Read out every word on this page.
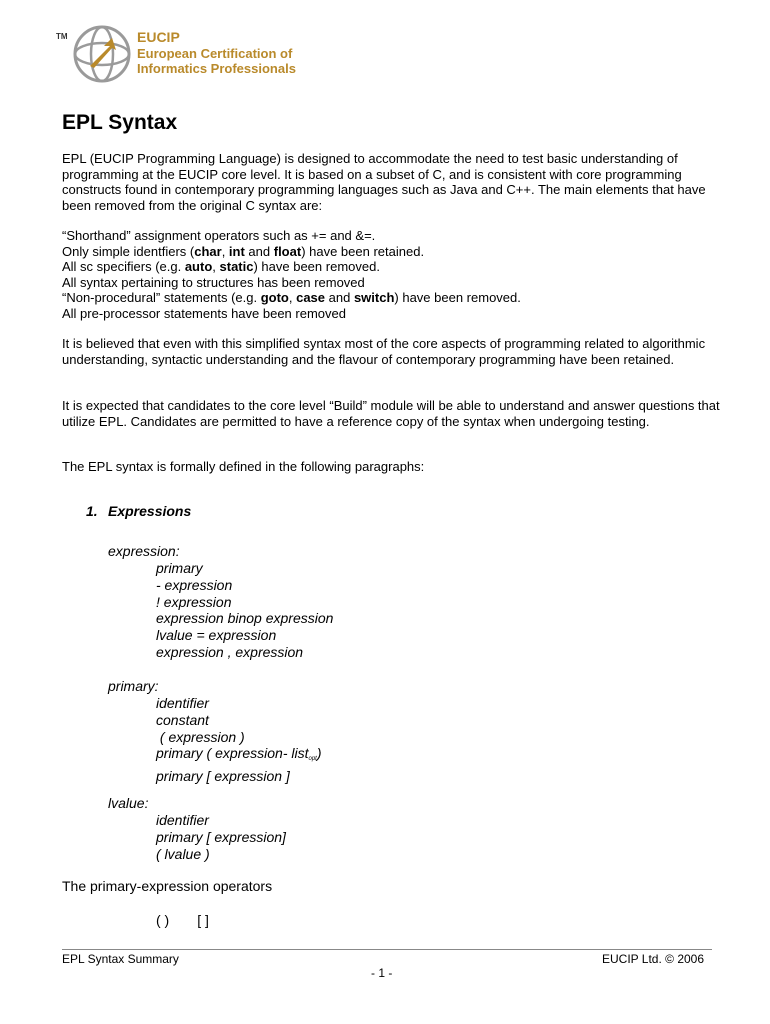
TM	EUCIP
European Certification of
Informatics Professionals
EPL Syntax
EPL (EUCIP Programming Language) is designed to accommodate the need to test basic understanding of programming at the EUCIP core level. It is based on a subset of C, and is consistent with core programming constructs found in contemporary programming languages such as Java and C++. The main elements that have been removed from the original C syntax are:
“Shorthand” assignment operators such as += and &=.
Only simple identfiers (char, int and float) have been retained.
All sc specifiers (e.g. auto, static) have been removed.
All syntax pertaining to structures has been removed
“Non-procedural” statements (e.g. goto, case and switch) have been removed.
All pre-processor statements have been removed
It is believed that even with this simplified syntax most of the core aspects of programming related to algorithmic understanding, syntactic understanding and the flavour of contemporary programming have been retained.
It is expected that candidates to the core level “Build” module will be able to understand and answer questions that utilize EPL. Candidates are permitted to have a reference copy of the syntax when undergoing testing.
The EPL syntax is formally defined in the following paragraphs:
1. Expressions
expression:
primary
- expression
! expression
expression binop expression
lvalue = expression
expression , expression
primary:
identifier
constant
( expression )
primary ( expression- list$_{opt}$)
primary [ expression ]
lvalue:
identifier
primary [ expression]
( lvalue )
The primary-expression operators
( ) [ ]
EPL Syntax Summary	EUCIP Ltd. © 2006
- 1 -
